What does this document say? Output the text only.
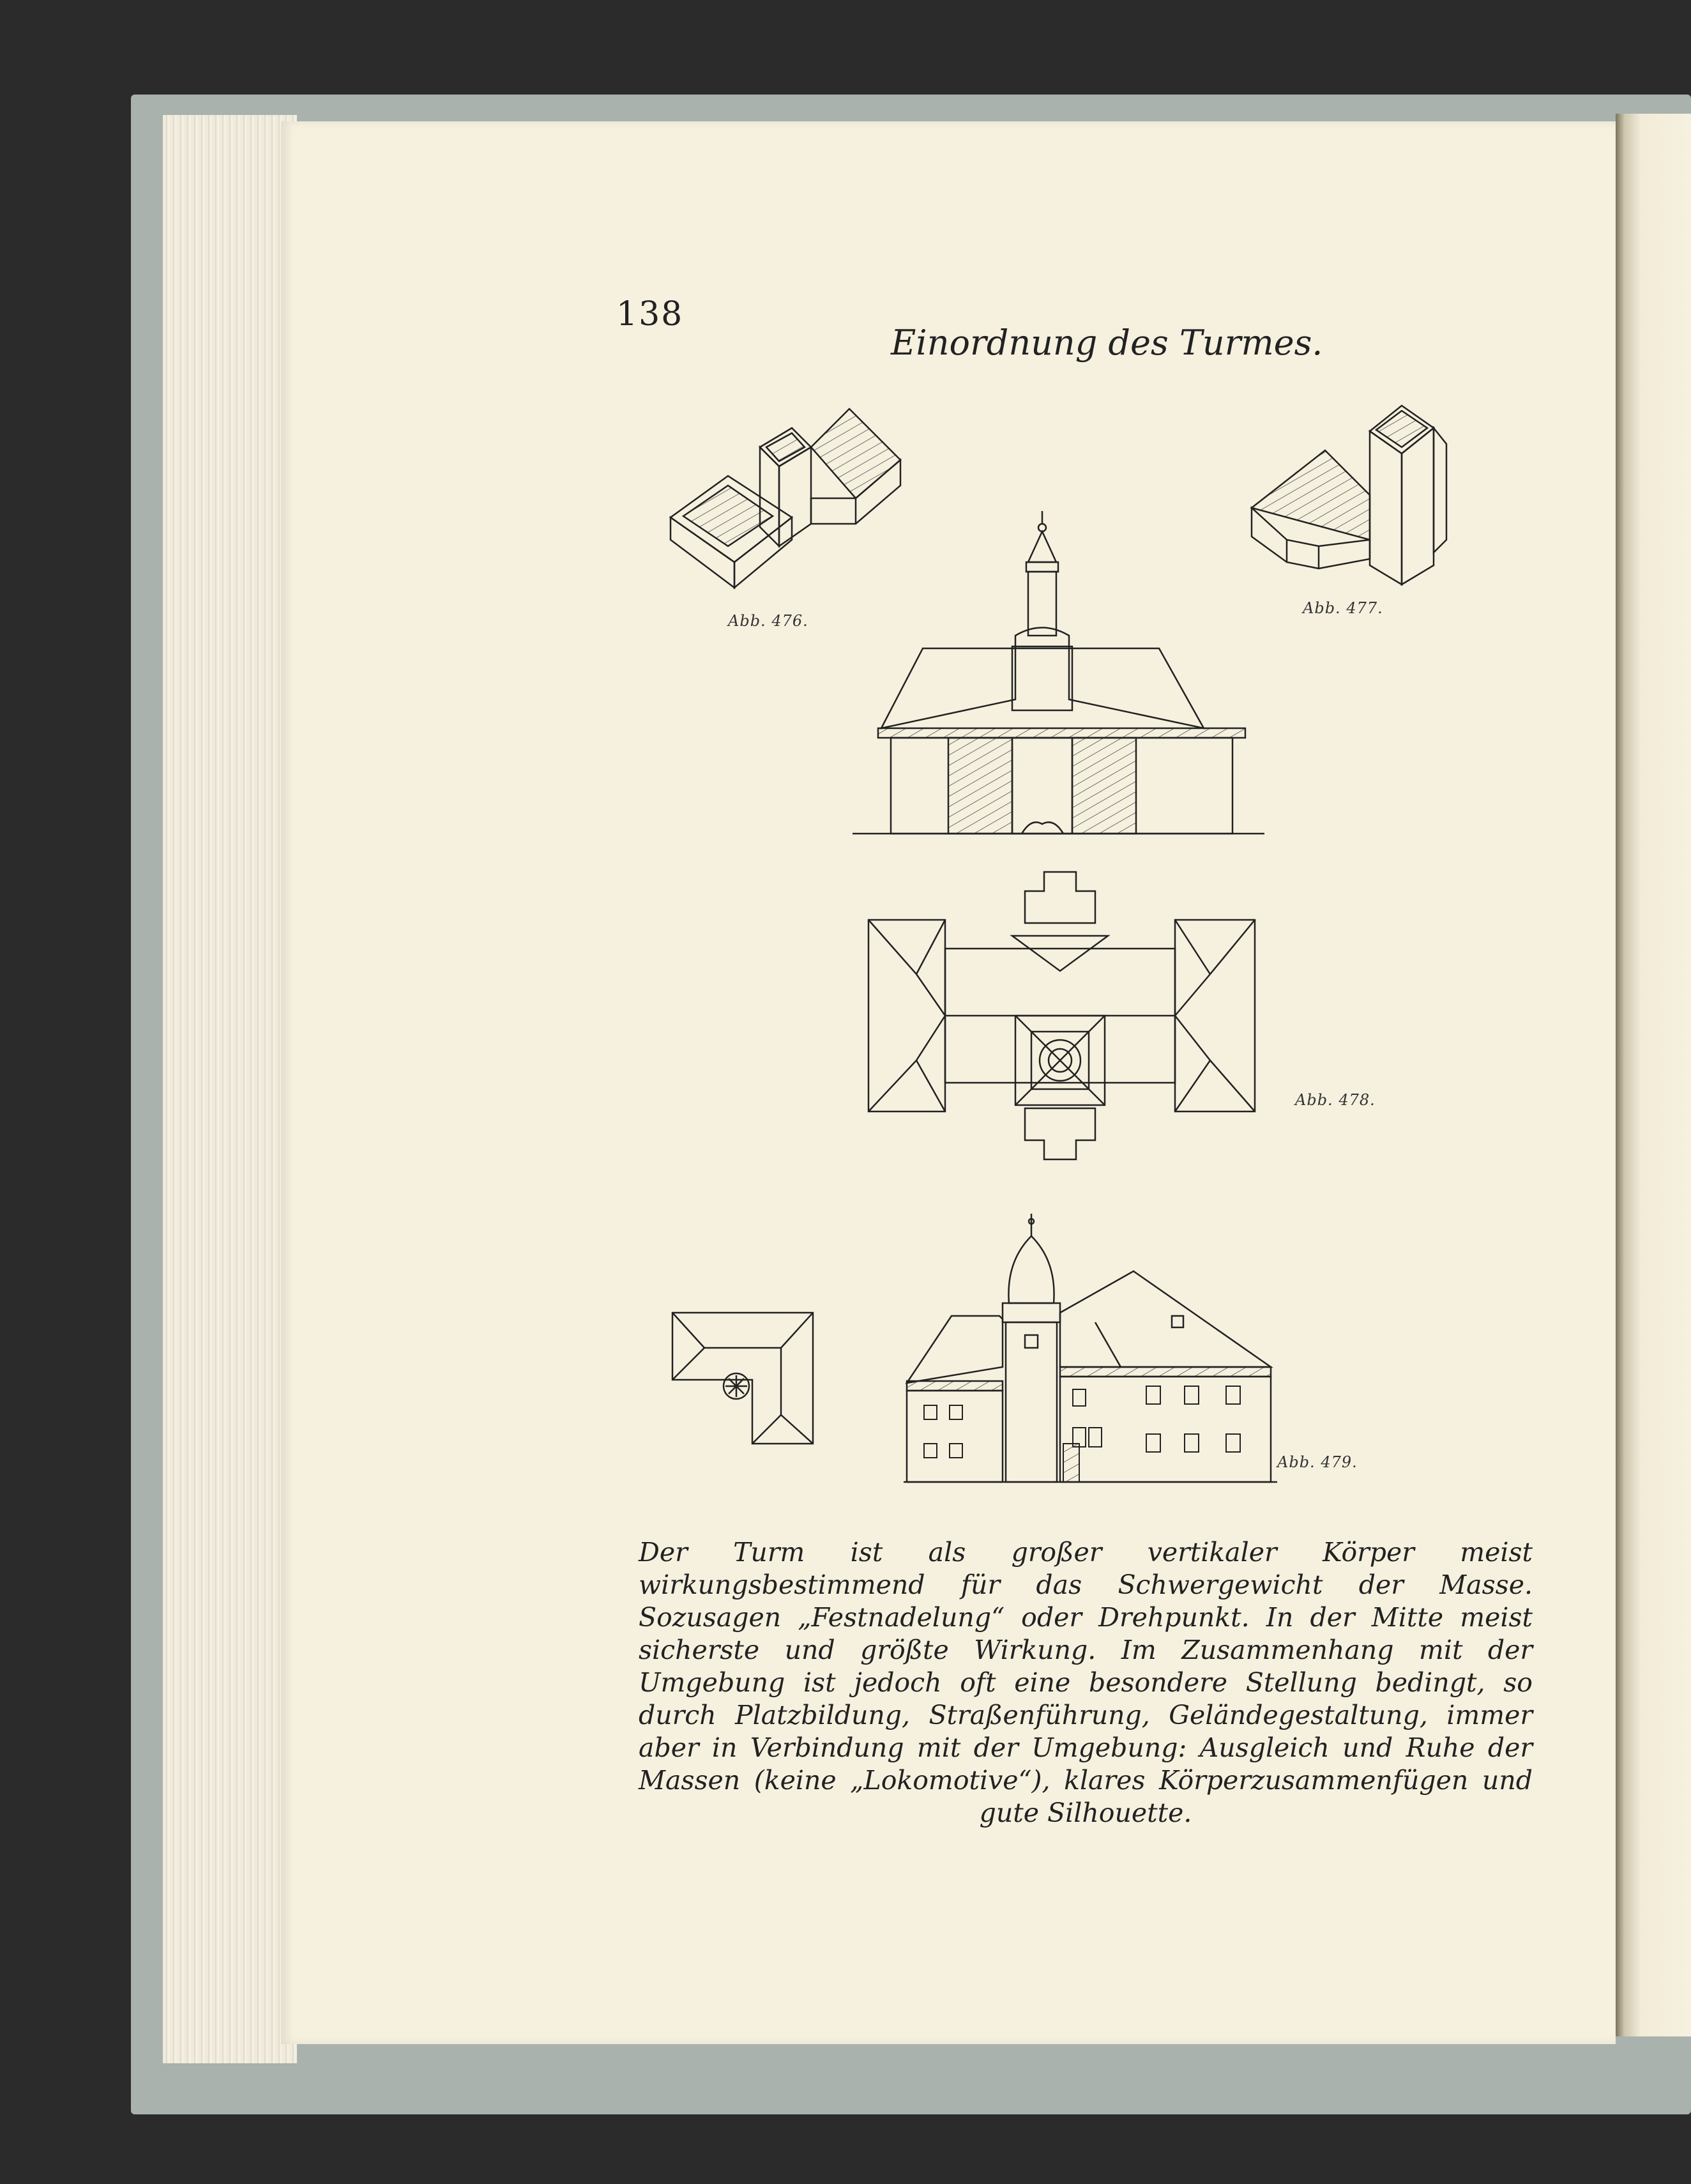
138
Einordnung des Turmes.
Abb. 476.
Abb. 477.
Abb. 478.
Abb. 479.

Der Turm ist als großer vertikaler Körper meist wirkungsbestimmend für das Schwergewicht der Masse. Sozusagen „Festnadelung“ oder Drehpunkt. In der Mitte meist sicherste und größte Wirkung. Im Zusammenhang mit der Umgebung ist jedoch oft eine besondere Stellung bedingt, so durch Platzbildung, Straßenführung, Geländegestaltung, immer aber in Verbindung mit der Umgebung: Ausgleich und Ruhe der Massen (keine „Lokomotive“), klares Körperzusammenfügen und gute Silhouette.
